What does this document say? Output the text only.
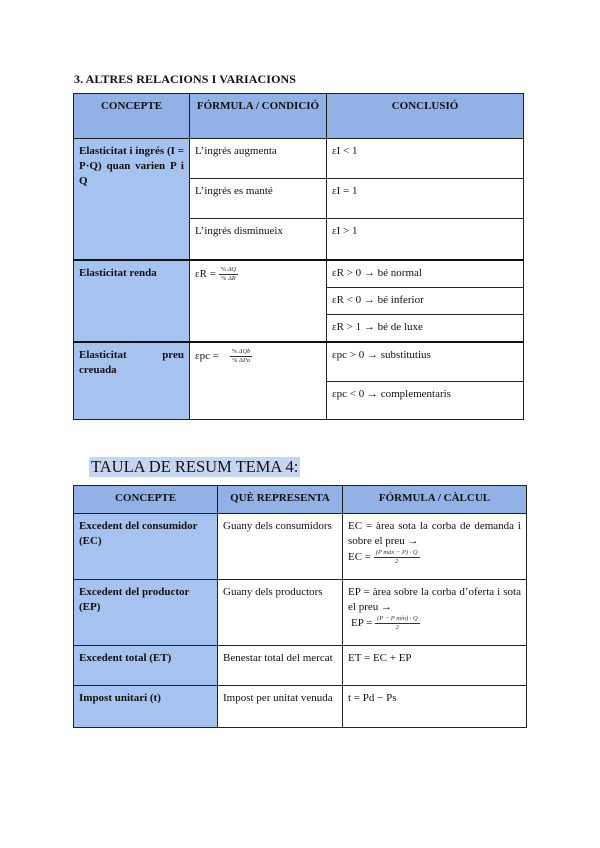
3. ALTRES RELACIONS I VARIACIONS
CONCEPTE	FÓRMULA / CONDICIÓ	CONCLUSIÓ
Elasticitat i ingrés (I = P·Q) quan varien P i Q	L’ingrés augmenta	εI < 1
	L’ingrés es manté	εI = 1
	L’ingrés disminueix	εI > 1
Elasticitat renda	$\varepsilon R = \frac{\% \Delta Q}{\% \Delta R}$	εR > 0 → bé normal
		εR < 0 → bé inferior
		εR > 1 → bé de luxe
Elasticitat preu creuada	$\varepsilon pc = \frac{\text{\% ΔQb}}{\text{\% ΔPa}}$	εpc > 0 → substitutius
		εpc < 0 → complementaris
TAULA DE RESUM TEMA 4:
CONCEPTE	QUÈ REPRESENTA	FÓRMULA / CÀLCUL
Excedent del consumidor (EC)	Guany dels consumidors	EC = àrea sota la corba de demanda i sobre el preu →
EC = $\frac{\text{(P màx − P) · Q}}{2}$

Excedent del productor (EP)	Guany dels productors	EP = àrea sobre la corba d’oferta i sota el preu →
EP = $\frac{\text{(P − P mín) · Q}}{2}$

Excedent total (ET)	Benestar total del mercat	ET = EC + EP
Impost unitari (t)	Impost per unitat venuda	t = Pd − Ps
